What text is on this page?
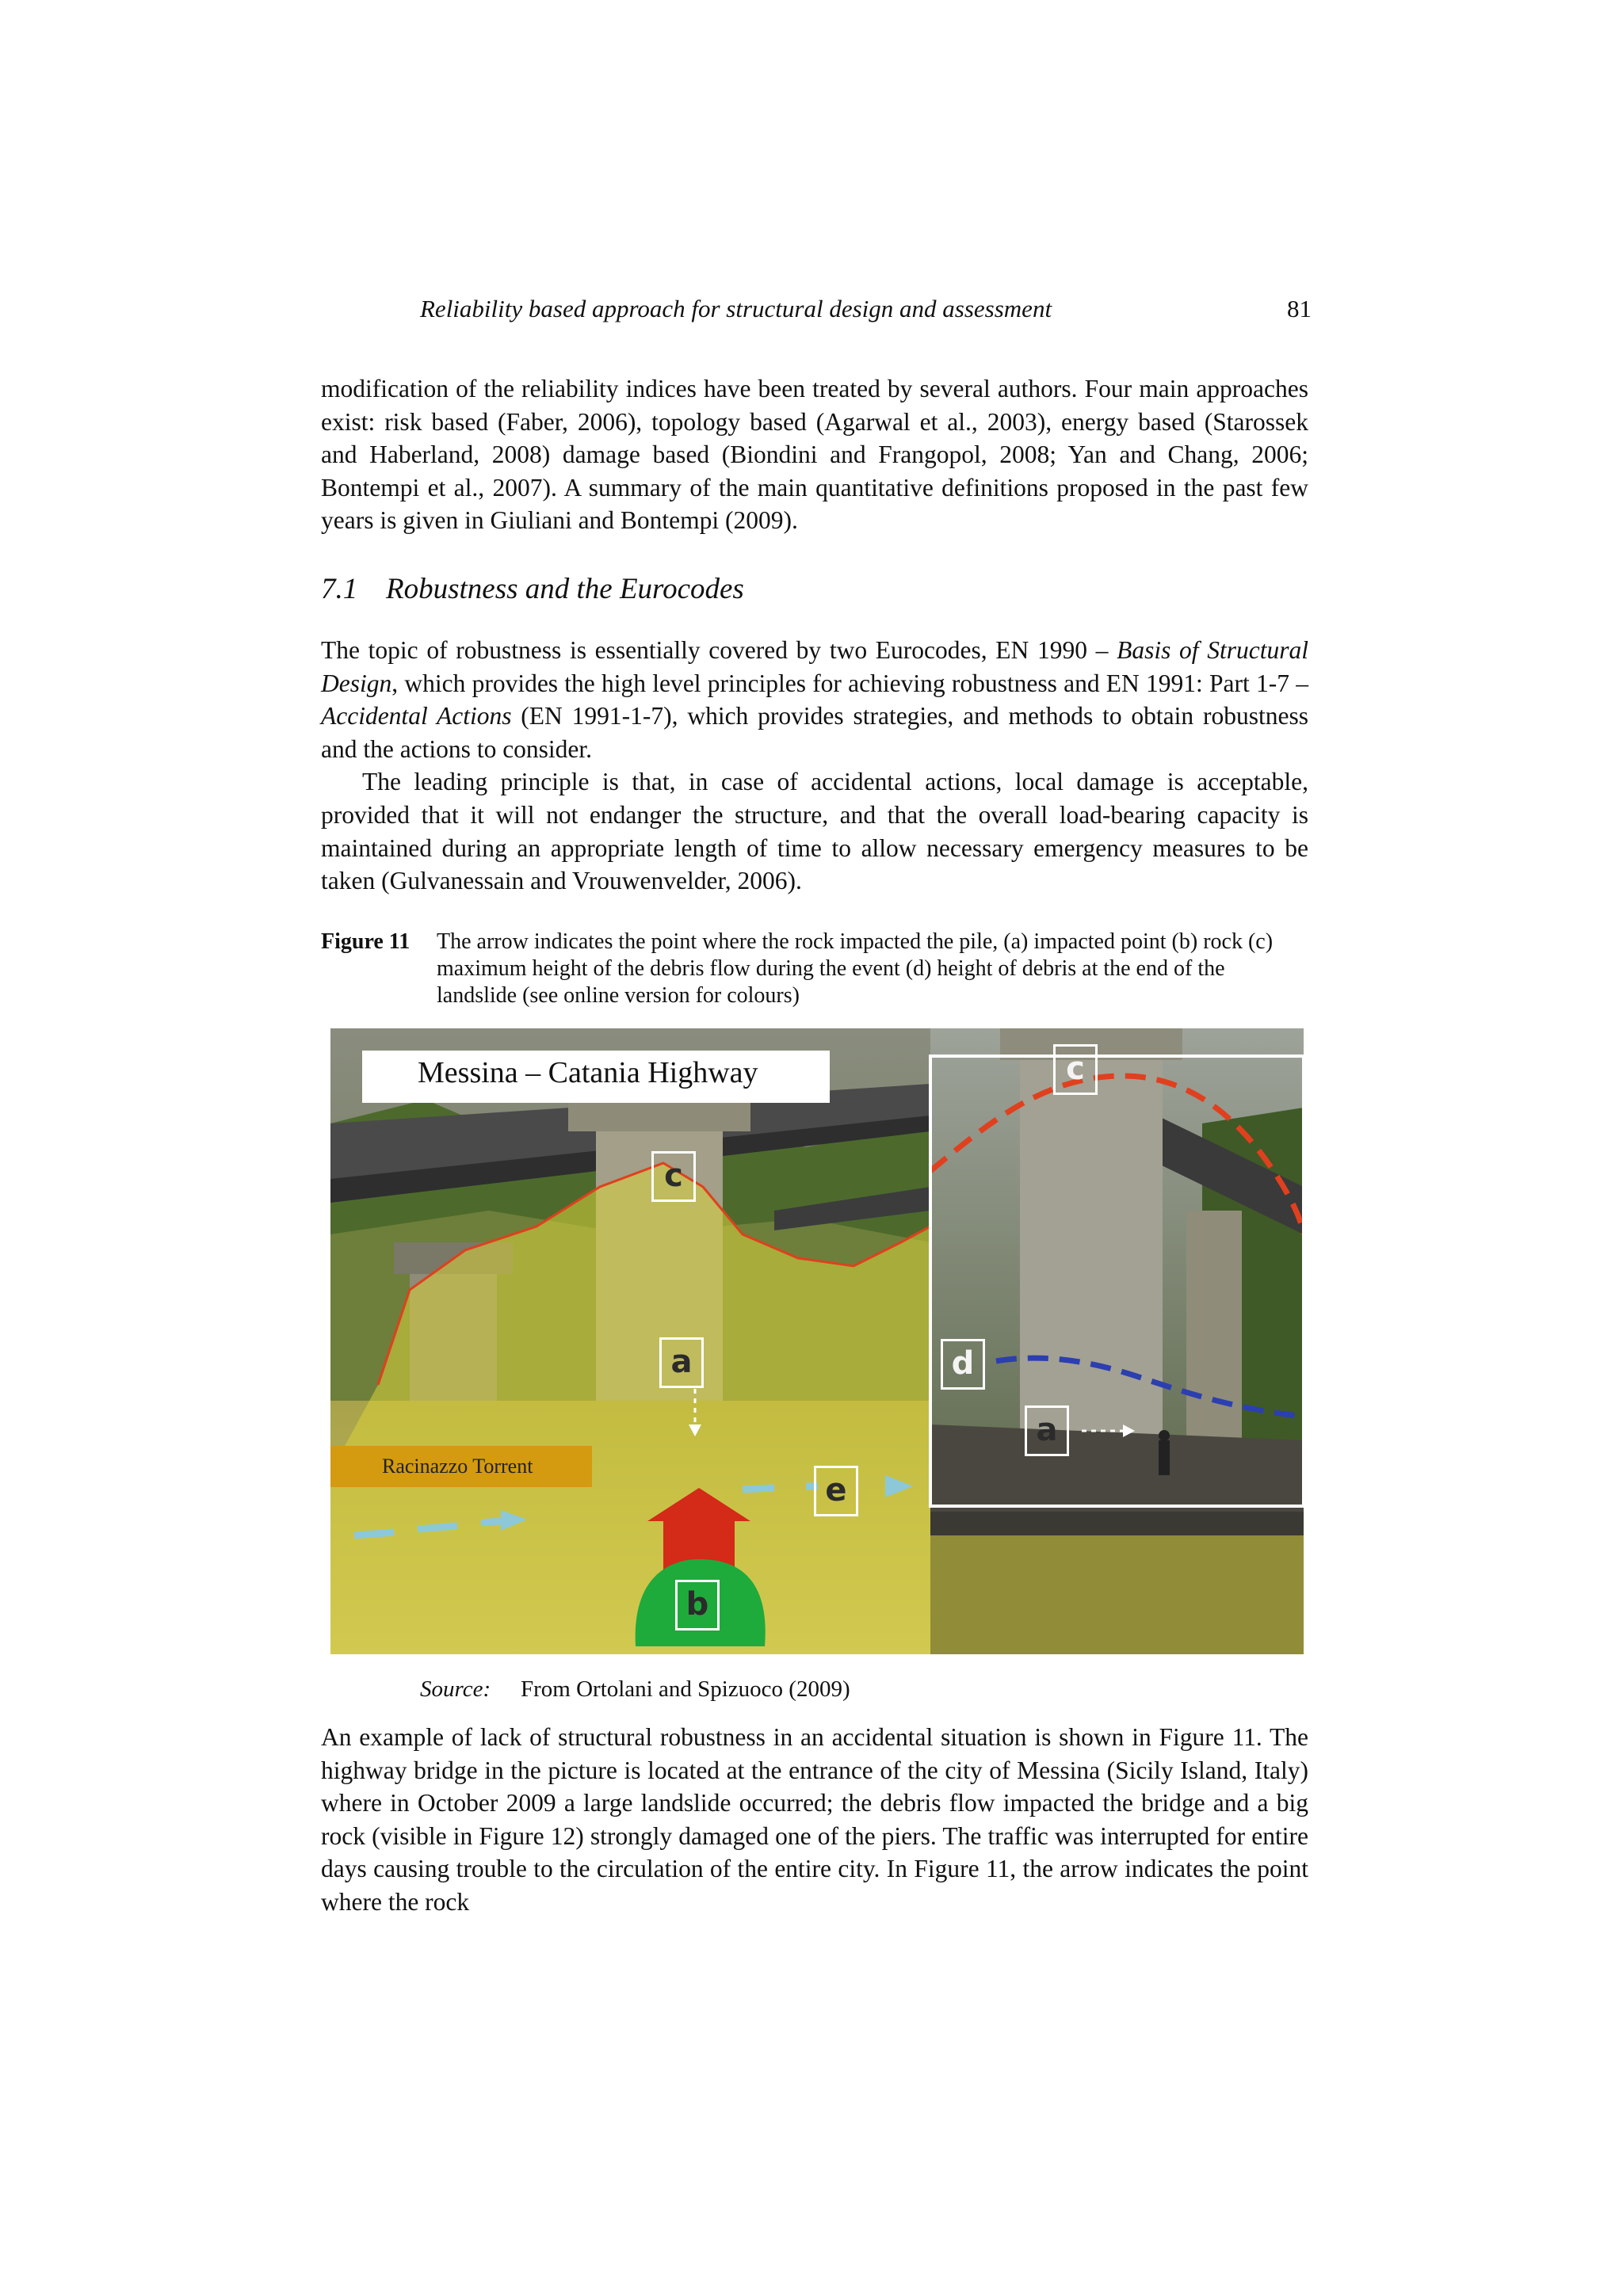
Reliability based approach for structural design and assessment	81

modification of the reliability indices have been treated by several authors. Four main approaches exist: risk based (Faber, 2006), topology based (Agarwal et al., 2003), energy based (Starossek and Haberland, 2008) damage based (Biondini and Frangopol, 2008; Yan and Chang, 2006; Bontempi et al., 2007). A summary of the main quantitative definitions proposed in the past few years is given in Giuliani and Bontempi (2009).

7.1 Robustness and the Eurocodes

The topic of robustness is essentially covered by two Eurocodes, EN 1990 – Basis of Structural Design, which provides the high level principles for achieving robustness and EN 1991: Part 1-7 – Accidental Actions (EN 1991-1-7), which provides strategies, and methods to obtain robustness and the actions to consider.

The leading principle is that, in case of accidental actions, local damage is acceptable, provided that it will not endanger the structure, and that the overall load-bearing capacity is maintained during an appropriate length of time to allow necessary emergency measures to be taken (Gulvanessain and Vrouwenvelder, 2006).

Figure 11 The arrow indicates the point where the rock impacted the pile, (a) impacted point (b) rock (c) maximum height of the debris flow during the event (d) height of debris at the end of the landslide (see online version for colours)
Messina – Catania Highway
Racinazzo Torrent
c
a
b
e
c
d
a
Source: From Ortolani and Spizuoco (2009)

An example of lack of structural robustness in an accidental situation is shown in Figure 11. The highway bridge in the picture is located at the entrance of the city of Messina (Sicily Island, Italy) where in October 2009 a large landslide occurred; the debris flow impacted the bridge and a big rock (visible in Figure 12) strongly damaged one of the piers. The traffic was interrupted for entire days causing trouble to the circulation of the entire city. In Figure 11, the arrow indicates the point where the rock
